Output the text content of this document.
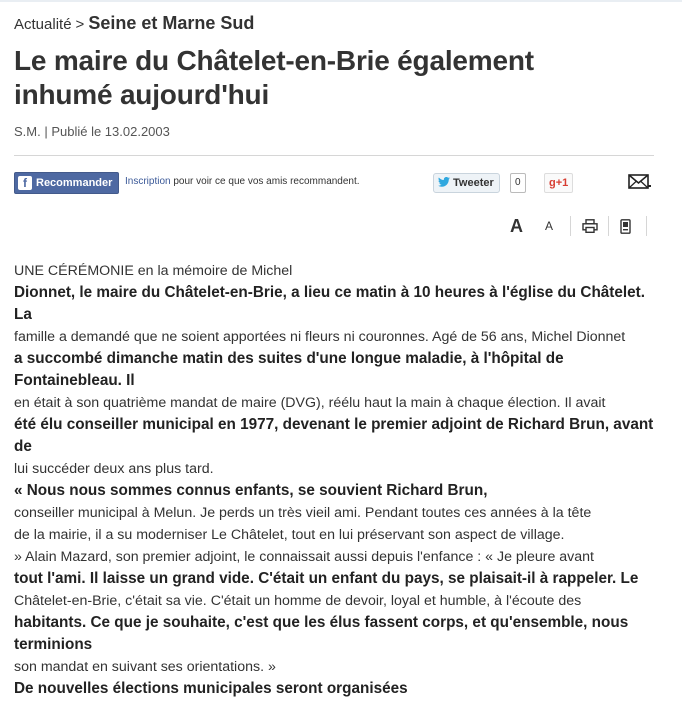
Actualité > Seine et Marne Sud
Le maire du Châtelet-en-Brie également
inhumé aujourd'hui
S.M. | Publié le 13.02.2003
f Recommander Inscription pour voir ce que vos amis recommandent.	Tweeter	0	g+1
A A

UNE CÉRÉMONIE en la mémoire de Michel

Dionnet, le maire du Châtelet-en-Brie, a lieu ce matin à 10 heures à l'église du Châtelet. La

famille a demandé que ne soient apportées ni fleurs ni couronnes. Agé de 56 ans, Michel Dionnet

a succombé dimanche matin des suites d'une longue maladie, à l'hôpital de Fontainebleau. Il

en était à son quatrième mandat de maire (DVG), réélu haut la main à chaque élection. Il avait

été élu conseiller municipal en 1977, devenant le premier adjoint de Richard Brun, avant de

lui succéder deux ans plus tard.

« Nous nous sommes connus enfants, se souvient Richard Brun,

conseiller municipal à Melun. Je perds un très vieil ami. Pendant toutes ces années à la tête

de la mairie, il a su moderniser Le Châtelet, tout en lui préservant son aspect de village.

» Alain Mazard, son premier adjoint, le connaissait aussi depuis l'enfance : « Je pleure avant

tout l'ami. Il laisse un grand vide. C'était un enfant du pays, se plaisait-il à rappeler. Le

Châtelet-en-Brie, c'était sa vie. C'était un homme de devoir, loyal et humble, à l'écoute des

habitants. Ce que je souhaite, c'est que les élus fassent corps, et qu'ensemble, nous terminions

son mandat en suivant ses orientations. »

De nouvelles élections municipales seront organisées
